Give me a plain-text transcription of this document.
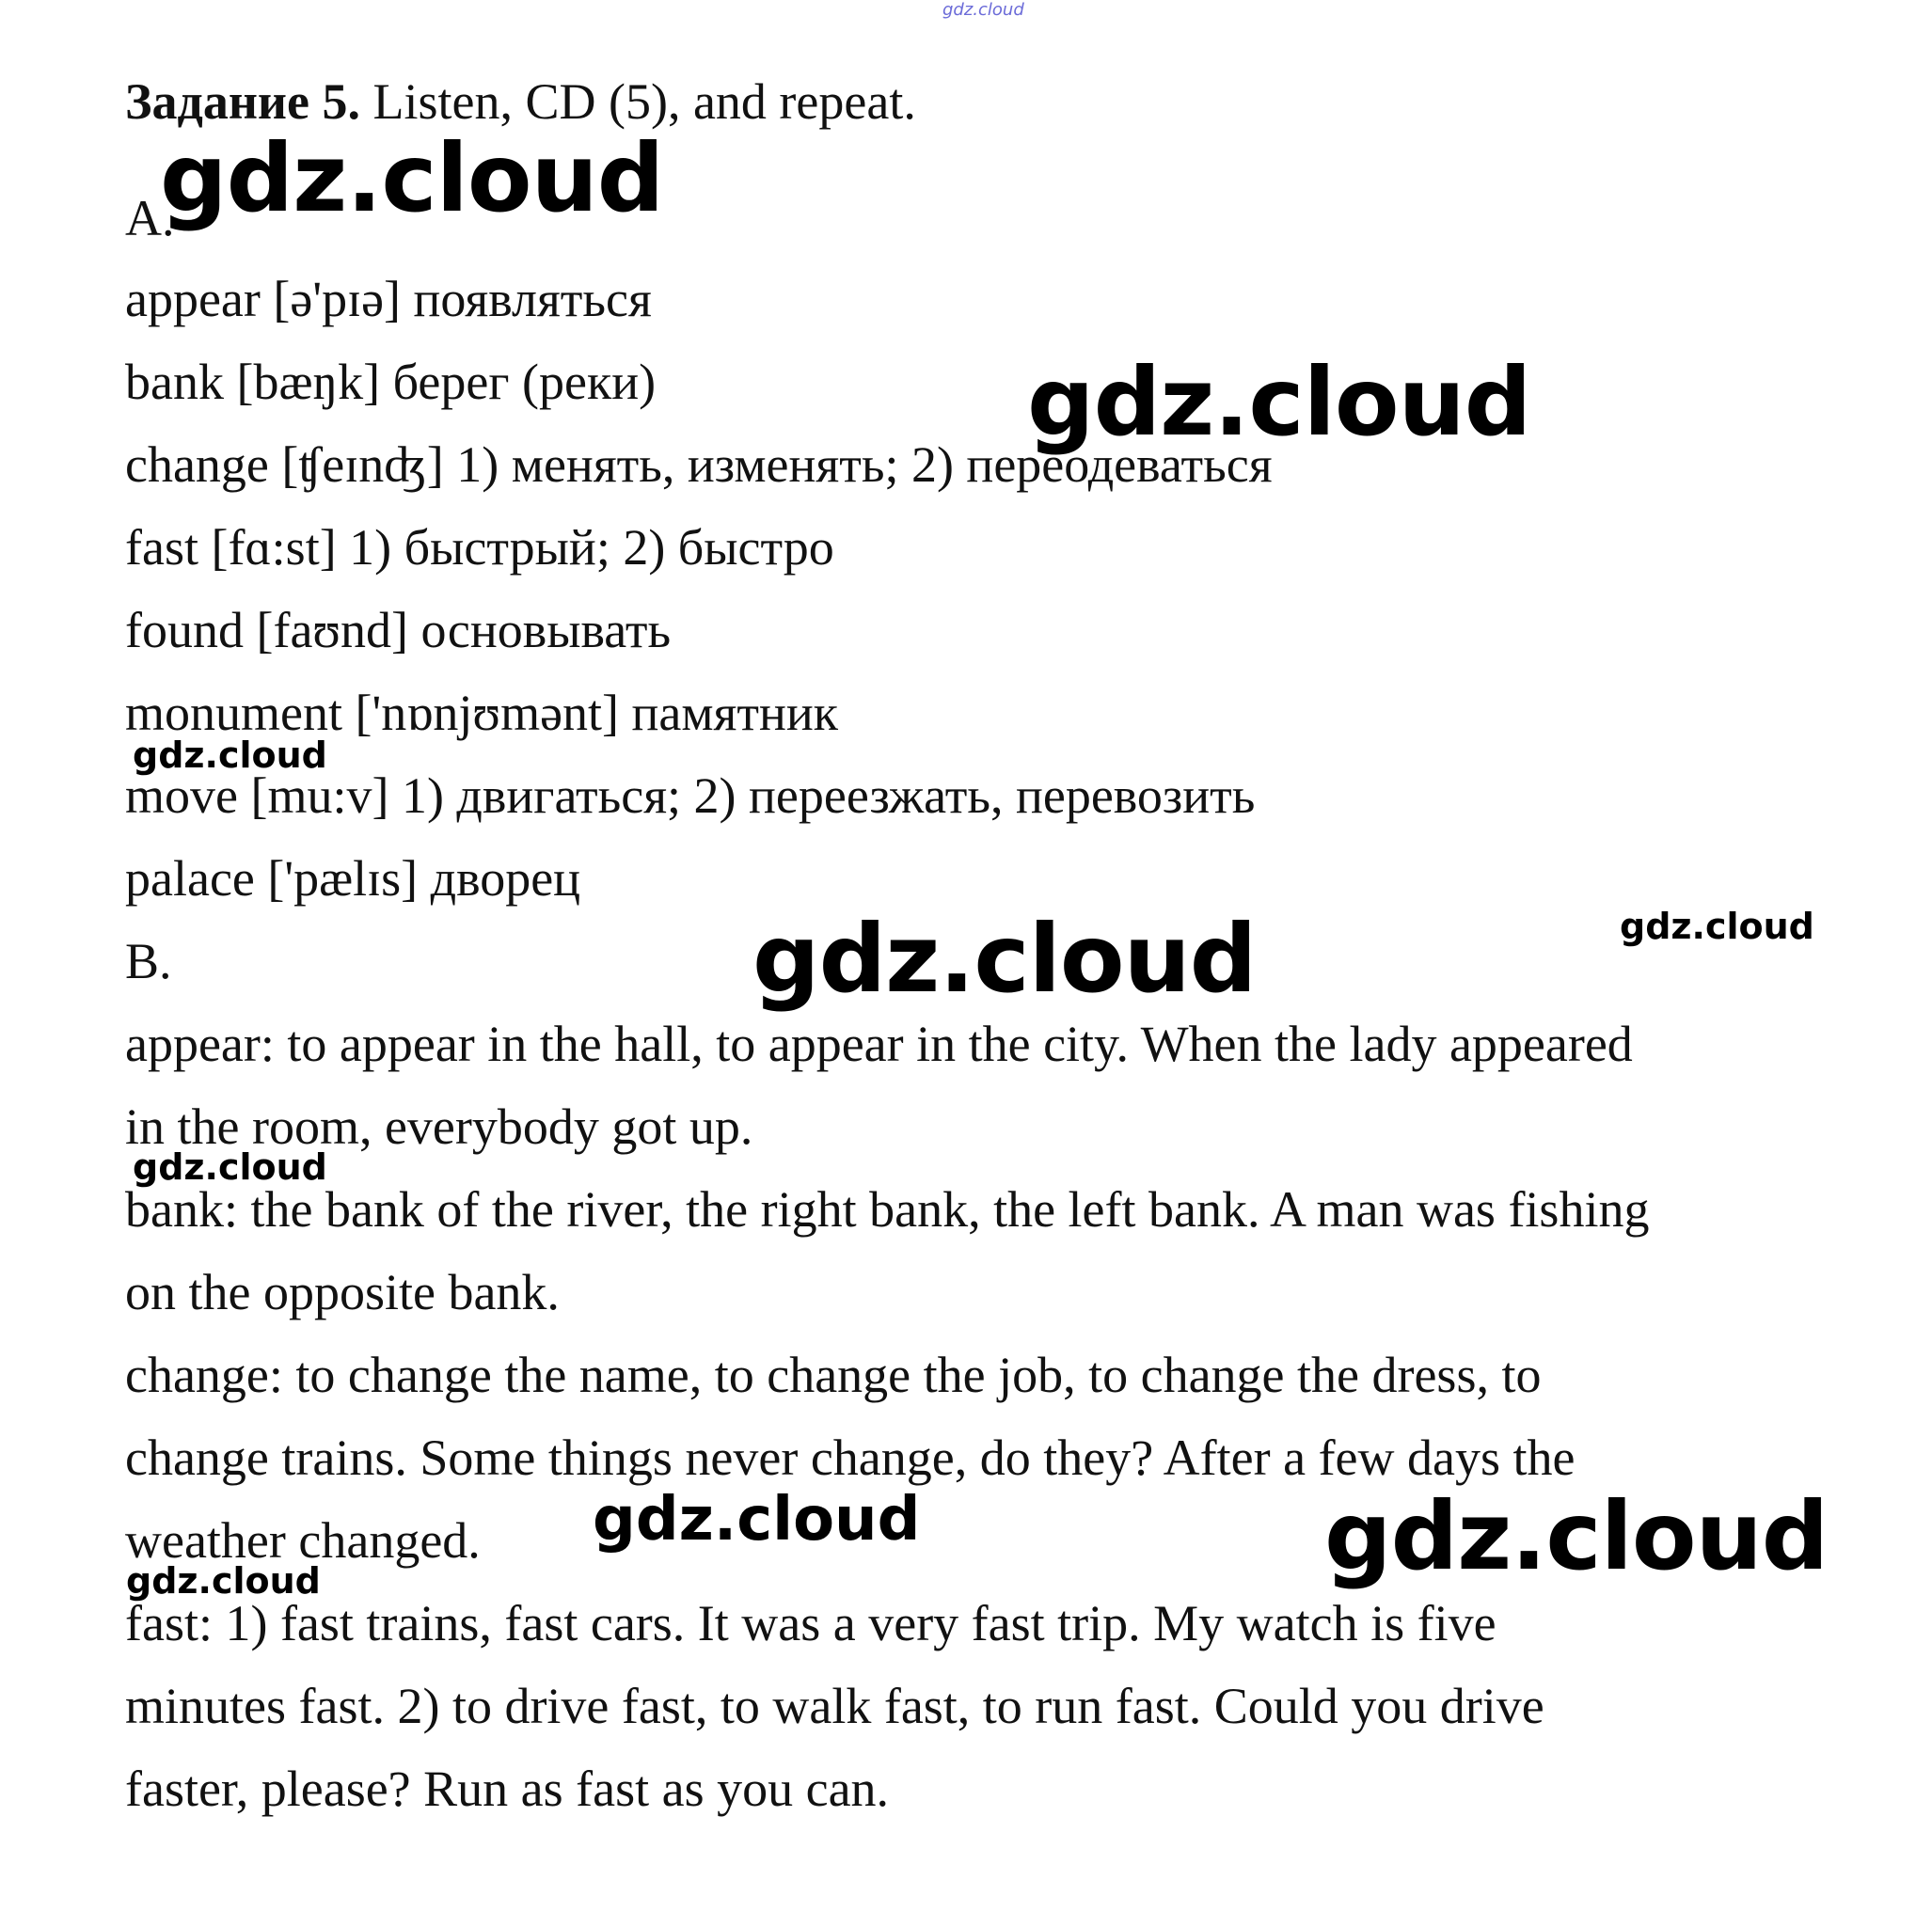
Задание 5. Listen, CD (5), and repeat.
A.
appear [ə'pɪə] появляться
bank [bæŋk] берег (реки)
change [ʧeɪnʤ] 1) менять, изменять; 2) переодеваться
fast [fɑ:st] 1) быстрый; 2) быстро
found [faʊnd] основывать
monument ['nɒnjʊmənt] памятник
move [mu:v] 1) двигаться; 2) переезжать, перевозить
palace ['pælɪs] дворец
B.
appear: to appear in the hall, to appear in the city. When the lady appeared
in the room, everybody got up.
bank: the bank of the river, the right bank, the left bank. A man was fishing
on the opposite bank.
change: to change the name, to change the job, to change the dress, to
change trains. Some things never change, do they? After a few days the
weather changed.
fast: 1) fast trains, fast cars. It was a very fast trip. My watch is five
minutes fast. 2) to drive fast, to walk fast, to run fast. Could you drive
faster, please? Run as fast as you can.
gdz.cloud
gdz.cloud
gdz.cloud
gdz.cloud
gdz.cloud
gdz.cloud
gdz.cloud
gdz.cloud	gdz.cloud
gdz.cloud
